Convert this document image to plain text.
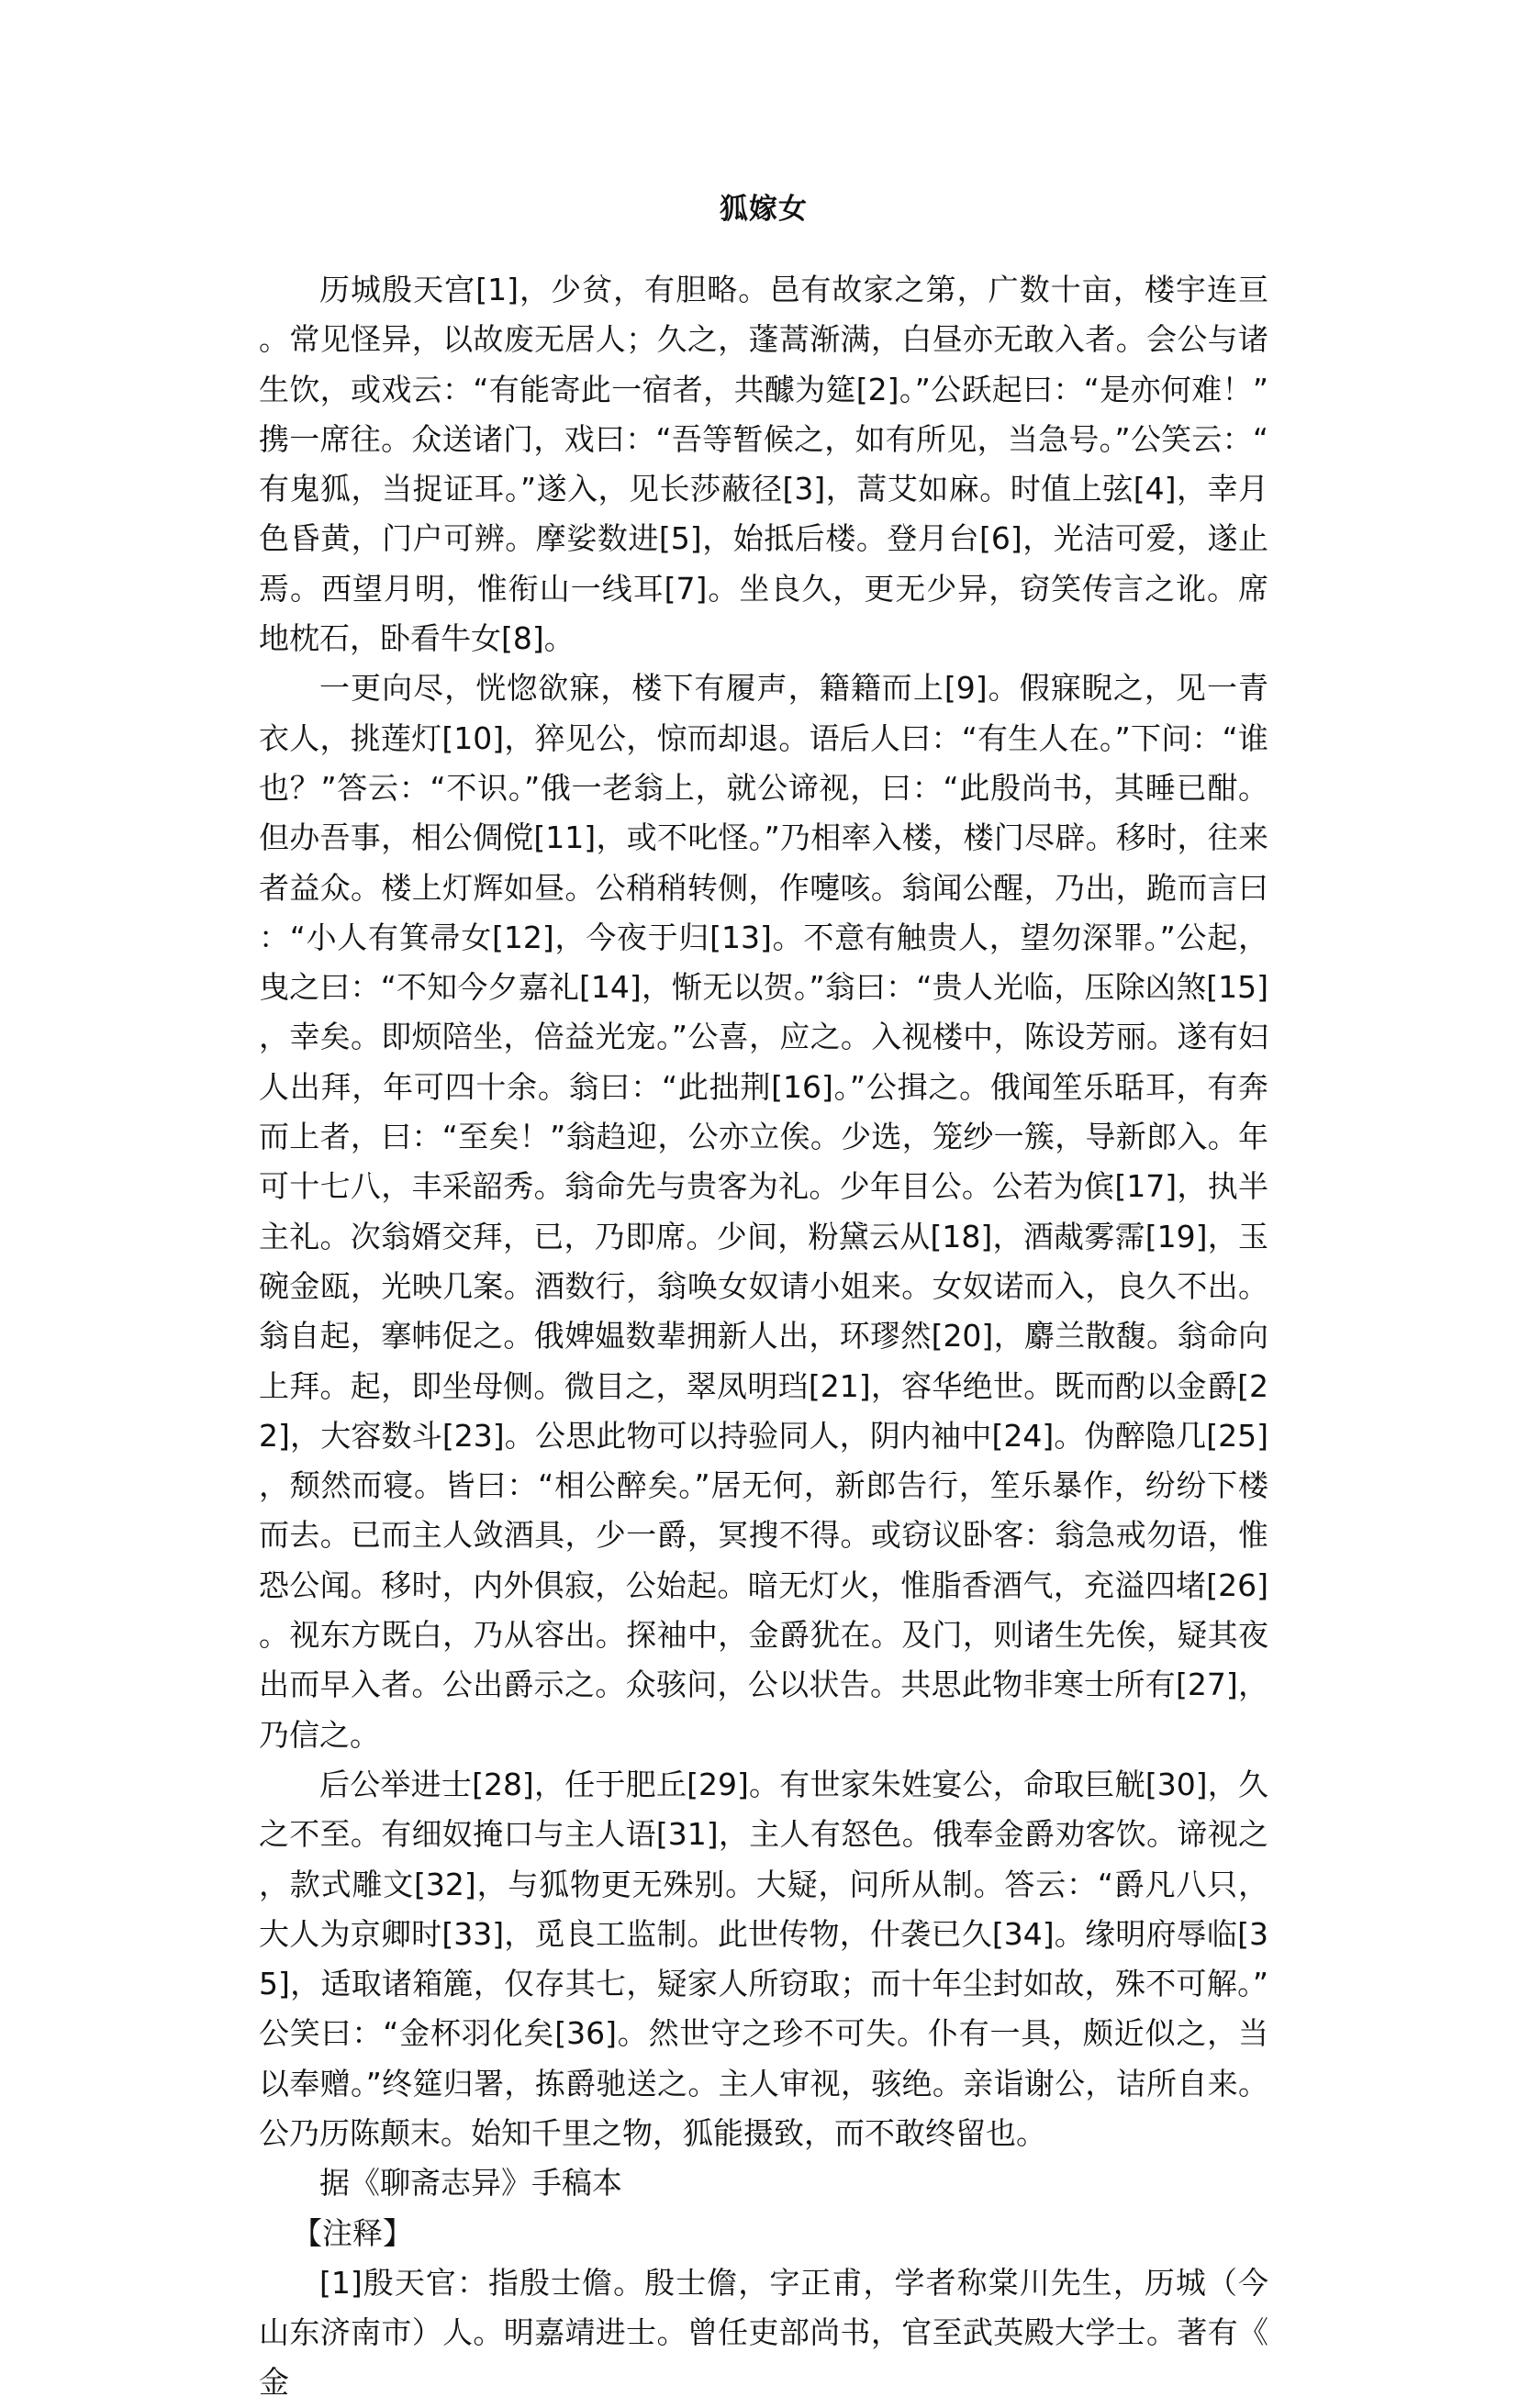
狐嫁女

历城殷天宫[1]，少贫，有胆略。邑有故家之第，广数十亩，楼宇连亘。常见怪异，以故废无居人；久之，蓬蒿渐满，白昼亦无敢入者。会公与诸生饮，或戏云：“有能寄此一宿者，共醵为筵[2]。”公跃起曰：“是亦何难！”携一席往。众送诸门，戏曰：“吾等暂候之，如有所见，当急号。”公笑云：“有鬼狐，当捉证耳。”遂入，见长莎蔽径[3]，蒿艾如麻。时值上弦[4]，幸月色昏黄，门户可辨。摩娑数进[5]，始抵后楼。登月台[6]，光洁可爱，遂止焉。西望月明，惟衔山一线耳[7]。坐良久，更无少异，窃笑传言之讹。席地枕石，卧看牛女[8]。

一更向尽，恍惚欲寐，楼下有履声，籍籍而上[9]。假寐睨之，见一青衣人，挑莲灯[10]，猝见公，惊而却退。语后人曰：“有生人在。”下问：“谁也？”答云：“不识。”俄一老翁上，就公谛视，曰：“此殷尚书，其睡已酣。但办吾事，相公倜傥[11]，或不叱怪。”乃相率入楼，楼门尽辟。移时，往来者益众。楼上灯辉如昼。公稍稍转侧，作嚏咳。翁闻公醒，乃出，跪而言曰：“小人有箕帚女[12]，今夜于归[13]。不意有触贵人，望勿深罪。”公起，曳之曰：“不知今夕嘉礼[14]，惭无以贺。”翁曰：“贵人光临，压除凶煞[15]，幸矣。即烦陪坐，倍益光宠。”公喜，应之。入视楼中，陈设芳丽。遂有妇人出拜，年可四十余。翁曰：“此拙荆[16]。”公揖之。俄闻笙乐聒耳，有奔而上者，曰：“至矣！”翁趋迎，公亦立俟。少选，笼纱一簇，导新郎入。年可十七八，丰采韶秀。翁命先与贵客为礼。少年目公。公若为傧[17]，执半主礼。次翁婿交拜，已，乃即席。少间，粉黛云从[18]，酒胾雾霈[19]，玉碗金瓯，光映几案。酒数行，翁唤女奴请小姐来。女奴诺而入，良久不出。翁自起，搴帏促之。俄婢媪数辈拥新人出，环璆然[20]，麝兰散馥。翁命向上拜。起，即坐母侧。微目之，翠凤明珰[21]，容华绝世。既而酌以金爵[22]，大容数斗[23]。公思此物可以持验同人，阴内袖中[24]。伪醉隐几[25]，颓然而寝。皆曰：“相公醉矣。”居无何，新郎告行，笙乐暴作，纷纷下楼而去。已而主人敛酒具，少一爵，冥搜不得。或窃议卧客：翁急戒勿语，惟恐公闻。移时，内外俱寂，公始起。暗无灯火，惟脂香酒气，充溢四堵[26]。视东方既白，乃从容出。探袖中，金爵犹在。及门，则诸生先俟，疑其夜出而早入者。公出爵示之。众骇问，公以状告。共思此物非寒士所有[27]，乃信之。

后公举进士[28]，任于肥丘[29]。有世家朱姓宴公，命取巨觥[30]，久之不至。有细奴掩口与主人语[31]，主人有怒色。俄奉金爵劝客饮。谛视之，款式雕文[32]，与狐物更无殊别。大疑，问所从制。答云：“爵凡八只，大人为京卿时[33]，觅良工监制。此世传物，什袭已久[34]。缘明府辱临[35]，适取诸箱簏，仅存其七，疑家人所窃取；而十年尘封如故，殊不可解。”公笑曰：“金杯羽化矣[36]。然世守之珍不可失。仆有一具，颇近似之，当以奉赠。”终筵归署，拣爵驰送之。主人审视，骇绝。亲诣谢公，诘所自来。公乃历陈颠末。始知千里之物，狐能摄致，而不敢终留也。

据《聊斋志异》手稿本
【注释】

[1]殷天官：指殷士儋。殷士儋，字正甫，学者称棠川先生，历城（今山东济南市）人。明嘉靖进士。曾任吏部尚书，官至武英殿大学士。著有《金
